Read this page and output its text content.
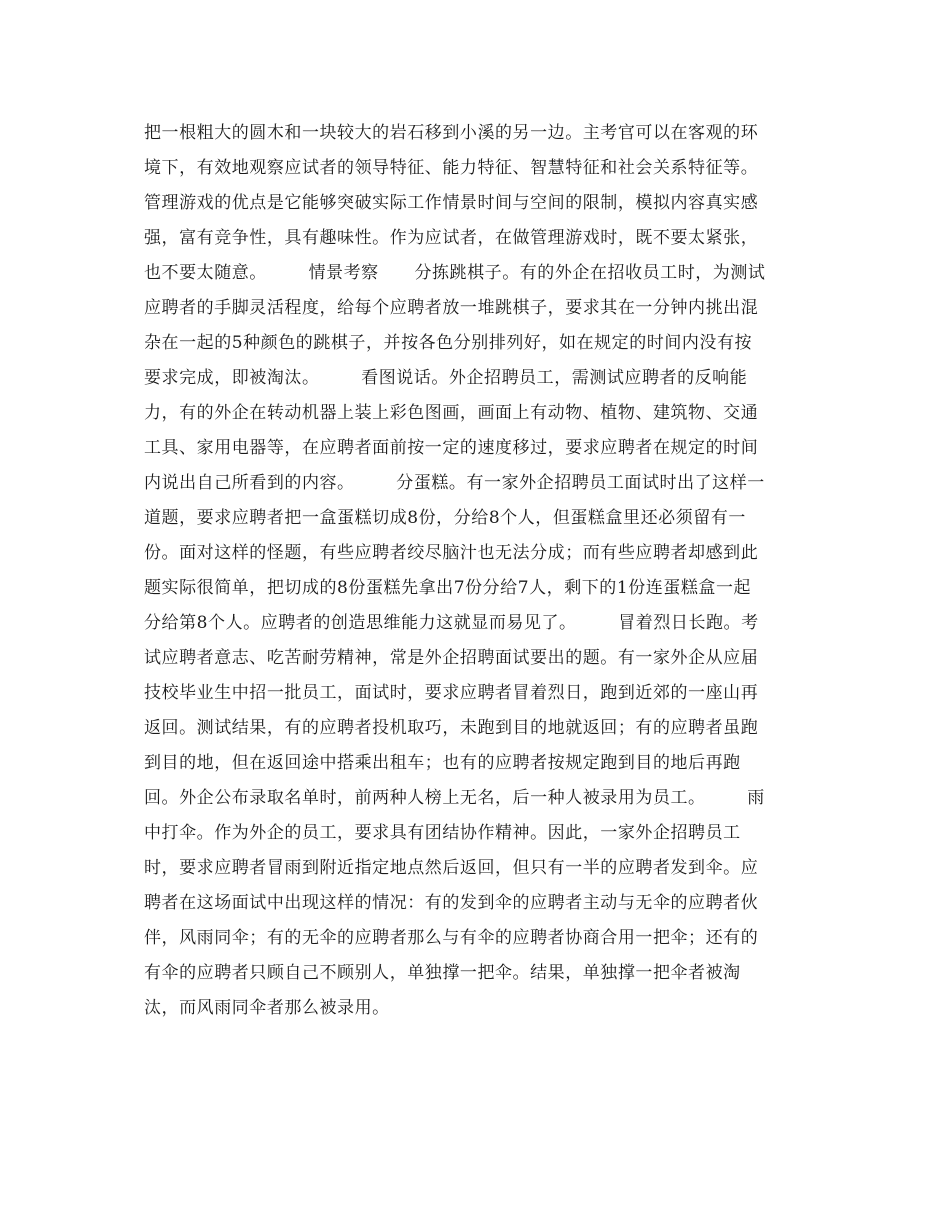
把一根粗大的圆木和一块较大的岩石移到小溪的另一边。主考官可以在客观的环
境下，有效地观察应试者的领导特征、能力特征、智慧特征和社会关系特征等。
管理游戏的优点是它能够突破实际工作情景时间与空间的限制，模拟内容真实感
强，富有竞争性，具有趣味性。作为应试者，在做管理游戏时，既不要太紧张，
也不要太随意。       情景考察      分拣跳棋子。有的外企在招收员工时，为测试
应聘者的手脚灵活程度，给每个应聘者放一堆跳棋子，要求其在一分钟内挑出混
杂在一起的5种颜色的跳棋子，并按各色分别排列好，如在规定的时间内没有按
要求完成，即被淘汰。       看图说话。外企招聘员工，需测试应聘者的反响能
力，有的外企在转动机器上装上彩色图画，画面上有动物、植物、建筑物、交通
工具、家用电器等，在应聘者面前按一定的速度移过，要求应聘者在规定的时间
内说出自己所看到的内容。       分蛋糕。有一家外企招聘员工面试时出了这样一
道题，要求应聘者把一盒蛋糕切成8份，分给8个人，但蛋糕盒里还必须留有一
份。面对这样的怪题，有些应聘者绞尽脑汁也无法分成；而有些应聘者却感到此
题实际很简单，把切成的8份蛋糕先拿出7份分给7人，剩下的1份连蛋糕盒一起
分给第8个人。应聘者的创造思维能力这就显而易见了。       冒着烈日长跑。考
试应聘者意志、吃苦耐劳精神，常是外企招聘面试要出的题。有一家外企从应届
技校毕业生中招一批员工，面试时，要求应聘者冒着烈日，跑到近郊的一座山再
返回。测试结果，有的应聘者投机取巧，未跑到目的地就返回；有的应聘者虽跑
到目的地，但在返回途中搭乘出租车；也有的应聘者按规定跑到目的地后再跑
回。外企公布录取名单时，前两种人榜上无名，后一种人被录用为员工。       雨
中打伞。作为外企的员工，要求具有团结协作精神。因此，一家外企招聘员工
时，要求应聘者冒雨到附近指定地点然后返回，但只有一半的应聘者发到伞。应
聘者在这场面试中出现这样的情况：有的发到伞的应聘者主动与无伞的应聘者伙
伴，风雨同伞；有的无伞的应聘者那么与有伞的应聘者协商合用一把伞；还有的
有伞的应聘者只顾自己不顾别人，单独撑一把伞。结果，单独撑一把伞者被淘
汰，而风雨同伞者那么被录用。
